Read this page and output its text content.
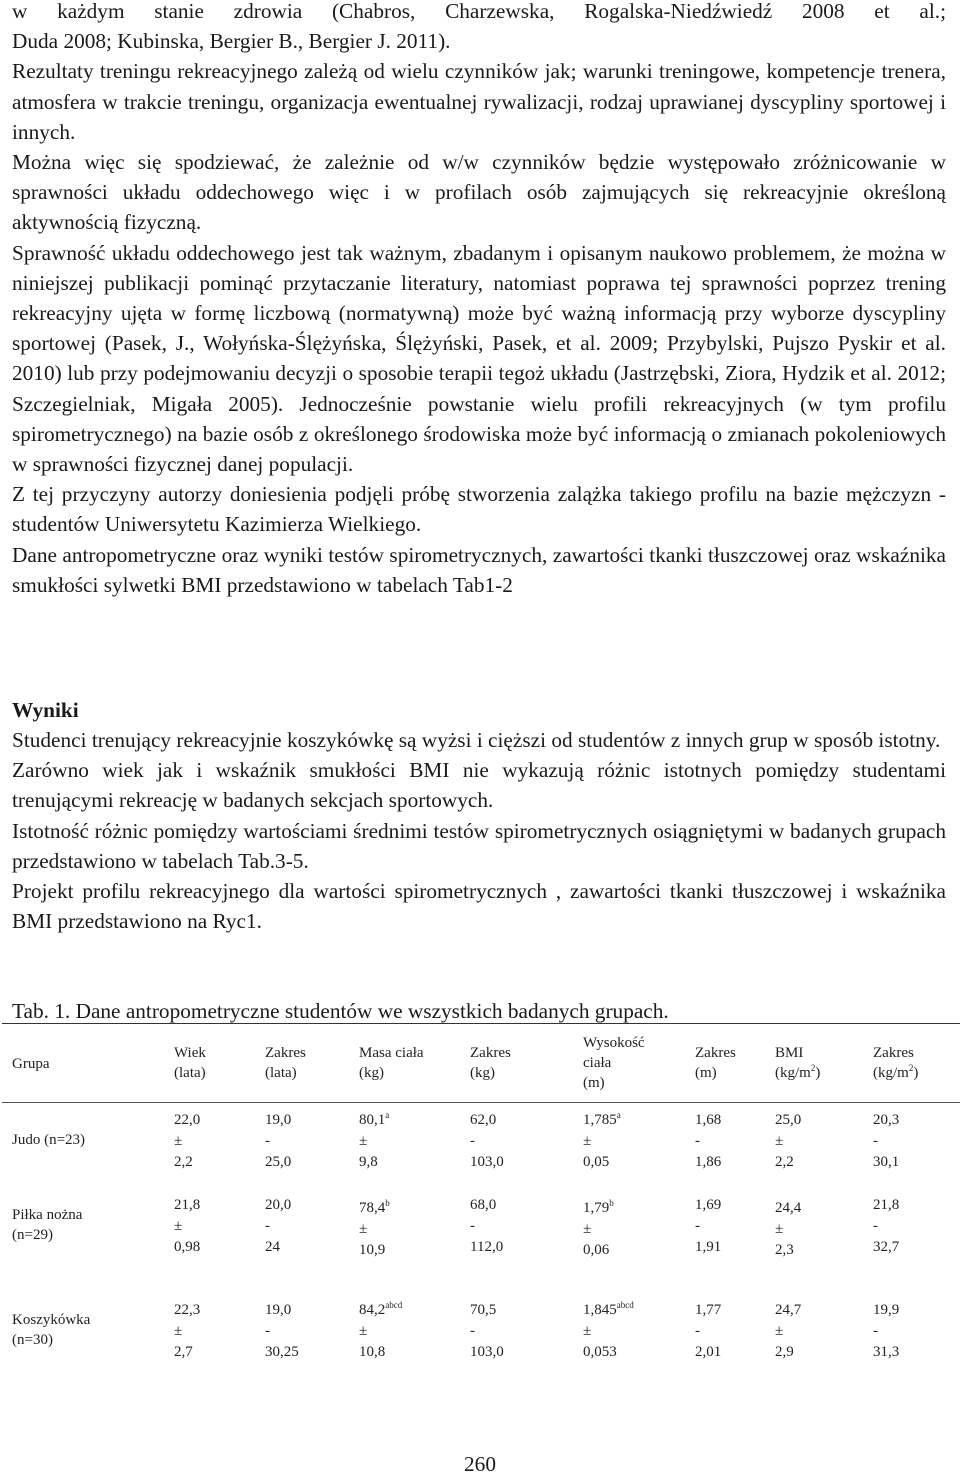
w każdym stanie zdrowia (Chabros, Charzewska, Rogalska-Niedźwiedź 2008 et al.;
Duda 2008; Kubinska, Bergier B., Bergier J. 2011).

Rezultaty treningu rekreacyjnego zależą od wielu czynników jak; warunki treningowe, kompetencje trenera, atmosfera w trakcie treningu, organizacja ewentualnej rywalizacji, rodzaj uprawianej dyscypliny sportowej i innych.

Można więc się spodziewać, że zależnie od w/w czynników będzie występowało zróżnicowanie w sprawności układu oddechowego więc i w profilach osób zajmujących się rekreacyjnie określoną aktywnością fizyczną.

Sprawność układu oddechowego jest tak ważnym, zbadanym i opisanym naukowo problemem, że można w niniejszej publikacji pominąć przytaczanie literatury, natomiast poprawa tej sprawności poprzez trening rekreacyjny ujęta w formę liczbową (normatywną) może być ważną informacją przy wyborze dyscypliny sportowej (Pasek, J., Wołyńska-Ślężyńska, Ślężyński, Pasek, et al. 2009; Przybylski, Pujszo Pyskir et al. 2010) lub przy podejmowaniu decyzji o sposobie terapii tegoż układu (Jastrzębski, Ziora, Hydzik et al. 2012; Szczegielniak, Migała 2005). Jednocześnie powstanie wielu profili rekreacyjnych (w tym profilu spirometrycznego) na bazie osób z określonego środowiska może być informacją o zmianach pokoleniowych w sprawności fizycznej danej populacji.

Z tej przyczyny autorzy doniesienia podjęli próbę stworzenia zalążka takiego profilu na bazie mężczyzn - studentów Uniwersytetu Kazimierza Wielkiego.

Dane antropometryczne oraz wyniki testów spirometrycznych, zawartości tkanki tłuszczowej oraz wskaźnika smukłości sylwetki BMI przedstawiono w tabelach Tab1-2

Wyniki

Studenci trenujący rekreacyjnie koszykówkę są wyżsi i cięższi od studentów z innych grup w sposób istotny.

Zarówno wiek jak i wskaźnik smukłości BMI nie wykazują różnic istotnych pomiędzy studentami trenującymi rekreację w badanych sekcjach sportowych.

Istotność różnic pomiędzy wartościami średnimi testów spirometrycznych osiągniętymi w badanych grupach przedstawiono w tabelach Tab.3-5.

Projekt profilu rekreacyjnego dla wartości spirometrycznych , zawartości tkanki tłuszczowej i wskaźnika BMI przedstawiono na Ryc1.

Tab. 1. Dane antropometryczne studentów we wszystkich badanych grupach.

Grupa
Wiek
(lata)
Zakres
(lata)
Masa ciała
(kg)
Zakres
(kg)
Wysokość
ciała
(m)
Zakres
(m)
BMI
$(kg/m^2)$
Zakres
$(kg/m^2)$
Judo (n=23)
22,0
±
2,2
19,0
-
25,0
80,1$^a$
±
9,8
62,0
-
103,0
1,785$^a$
±
0,05
1,68
-
1,86
25,0
±
2,2
20,3
-
30,1
Piłka nożna
(n=29)
21,8
±
0,98
20,0
-
24
78,4$^b$
±
10,9
68,0
-
112,0
1,79$^b$
±
0,06
1,69
-
1,91
24,4
±
2,3
21,8
-
32,7
Koszykówka
(n=30)
22,3
±
2,7
19,0
-
30,25
$84,2^{abcd}$
±
10,8
70,5
-
103,0
$1,845^{abcd}$
±
0,053
1,77
-
2,01
24,7
±
2,9
19,9
-
31,3
260
